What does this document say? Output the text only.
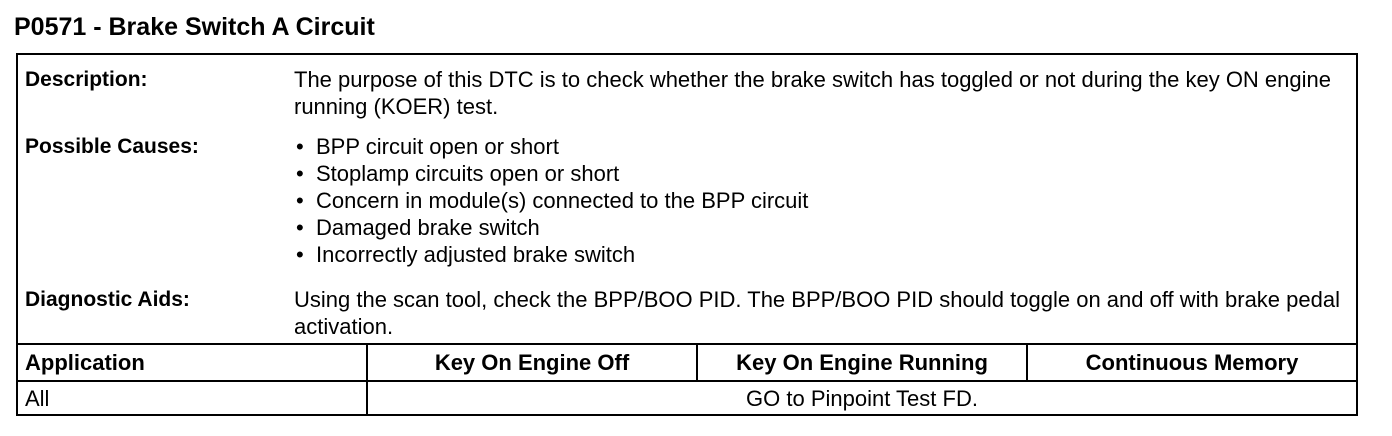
P0571 - Brake Switch A Circuit
Description:	The purpose of this DTC is to check whether the brake switch has toggled or not during the key ON engine running (KOER) test.
Possible Causes:
•	BPP circuit open or short
• Stoplamp circuits open or short
• Concern in module(s) connected to the BPP circuit
• Damaged brake switch
• Incorrectly adjusted brake switch
Diagnostic Aids:	Using the scan tool, check the BPP/BOO PID. The BPP/BOO PID should toggle on and off with brake pedal activation.
Application	Key On Engine Off	Key On Engine Running	Continuous Memory
All	GO to Pinpoint Test FD.
